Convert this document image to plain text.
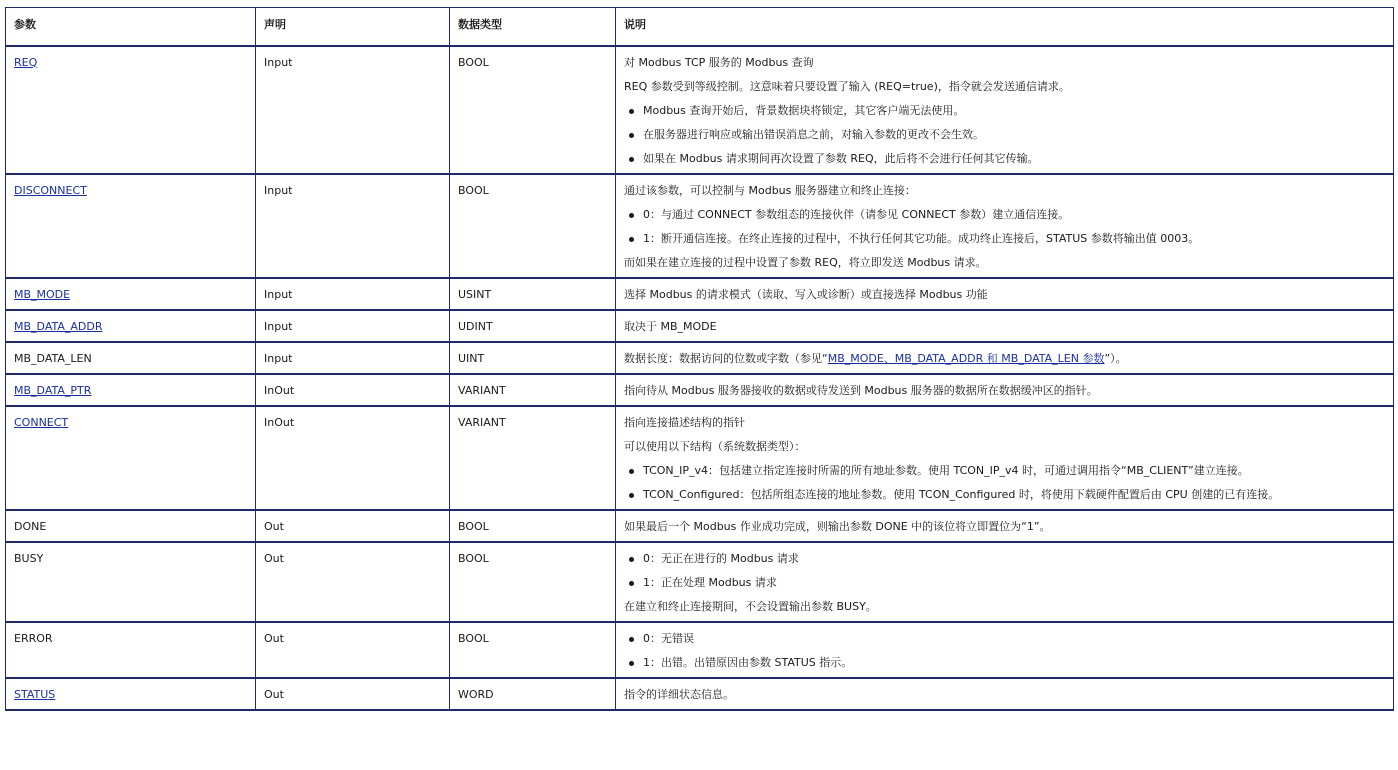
参数	声明	数据类型	说明
REQ	Input	BOOL	对 Modbus TCP 服务的 Modbus 查询
REQ 参数受到等级控制。这意味着只要设置了输入 (REQ=true)，指令就会发送通信请求。
Modbus 查询开始后，背景数据块将锁定，其它客户端无法使用。
在服务器进行响应或输出错误消息之前，对输入参数的更改不会生效。
如果在 Modbus 请求期间再次设置了参数 REQ，此后将不会进行任何其它传输。

DISCONNECT	Input	BOOL	通过该参数，可以控制与 Modbus 服务器建立和终止连接：
0：与通过 CONNECT 参数组态的连接伙伴（请参见 CONNECT 参数）建立通信连接。
1：断开通信连接。在终止连接的过程中，不执行任何其它功能。成功终止连接后，STATUS 参数将输出值 0003。
而如果在建立连接的过程中设置了参数 REQ，将立即发送 Modbus 请求。

MB_MODE	Input	USINT	选择 Modbus 的请求模式（读取、写入或诊断）或直接选择 Modbus 功能

MB_DATA_ADDR	Input	UDINT	取决于 MB_MODE

MB_DATA_LEN	Input	UINT	数据长度：数据访问的位数或字数（参见“MB_MODE、MB_DATA_ADDR 和 MB_DATA_LEN 参数”）。

MB_DATA_PTR	InOut	VARIANT	指向待从 Modbus 服务器接收的数据或待发送到 Modbus 服务器的数据所在数据缓冲区的指针。

CONNECT	InOut	VARIANT	指向连接描述结构的指针
可以使用以下结构（系统数据类型）：
TCON_IP_v4：包括建立指定连接时所需的所有地址参数。使用 TCON_IP_v4 时，可通过调用指令“MB_CLIENT”建立连接。
TCON_Configured：包括所组态连接的地址参数。使用 TCON_Configured 时，将使用下载硬件配置后由 CPU 创建的已有连接。

DONE	Out	BOOL	如果最后一个 Modbus 作业成功完成，则输出参数 DONE 中的该位将立即置位为“1”。

BUSY	Out	BOOL	0：无正在进行的 Modbus 请求
1：正在处理 Modbus 请求
在建立和终止连接期间，不会设置输出参数 BUSY。

ERROR	Out	BOOL	0：无错误
1：出错。出错原因由参数 STATUS 指示。

STATUS	Out	WORD	指令的详细状态信息。
